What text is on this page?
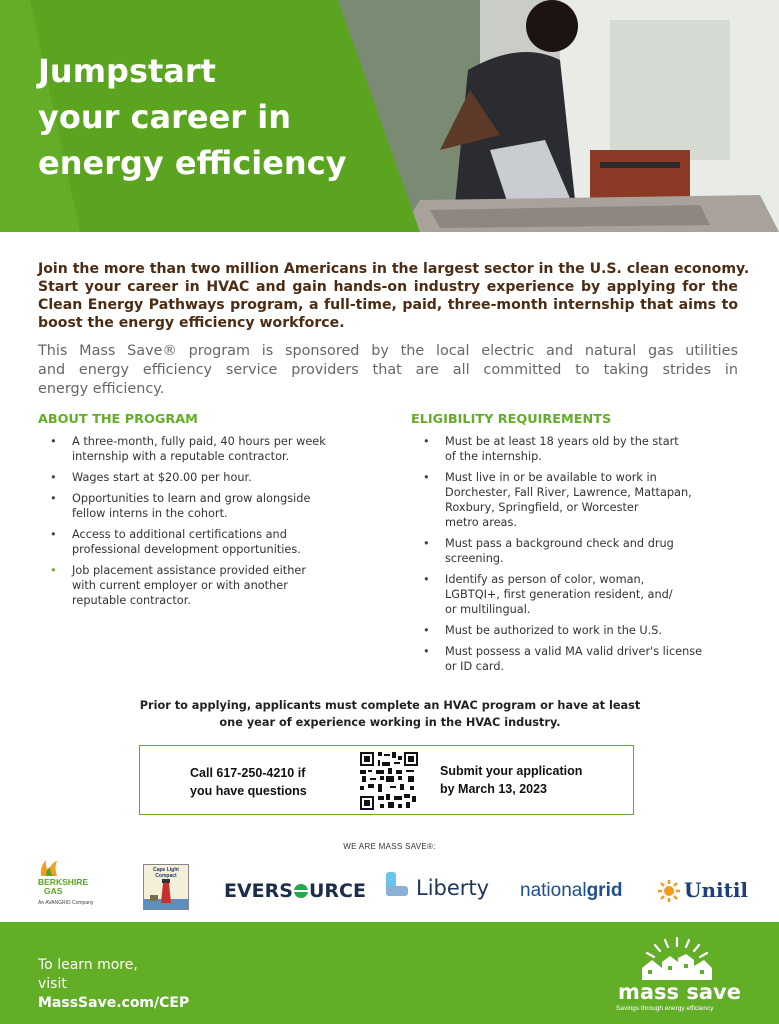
Jumpstart
your career in
energy efficiency

Join the more than two million Americans in the largest sector in the U.S. clean economy.
Start your career in HVAC and gain hands-on industry experience by applying for the
Clean Energy Pathways program, a full-time, paid, three-month internship that aims to
boost the energy efficiency workforce.

This Mass Save® program is sponsored by the local electric and natural gas utilities
and energy efficiency service providers that are all committed to taking strides in
energy efficiency.

ABOUT THE PROGRAM
• A three-month, fully paid, 40 hours per week
internship with a reputable contractor.
• Wages start at $20.00 per hour.
• Opportunities to learn and grow alongside
fellow interns in the cohort.
• Access to additional certifications and
professional development opportunities.
• Job placement assistance provided either
with current employer or with another
reputable contractor.
ELIGIBILITY REQUIREMENTS
• Must be at least 18 years old by the start
of the internship.
• Must live in or be available to work in
Dorchester, Fall River, Lawrence, Mattapan,
Roxbury, Springfield, or Worcester
metro areas.
• Must pass a background check and drug
screening.
• Identify as person of color, woman,
LGBTQI+, first generation resident, and/
or multilingual.
• Must be authorized to work in the U.S.
• Must possess a valid MA valid driver's license
or ID card.

Prior to applying, applicants must complete an HVAC program or have at least
one year of experience working in the HVAC industry.

Call 617-250-4210 if
you have questions
Submit your application
by March 13, 2023

WE ARE MASS SAVE®:

BERKSHIRE
GAS
An AVANGRID Company
Cape Light Compact
EVERS URCE Liberty nationalgrid	Unitil

To learn more,
visit
MassSave.com/CEP	mass save
Savings through energy efficiency
